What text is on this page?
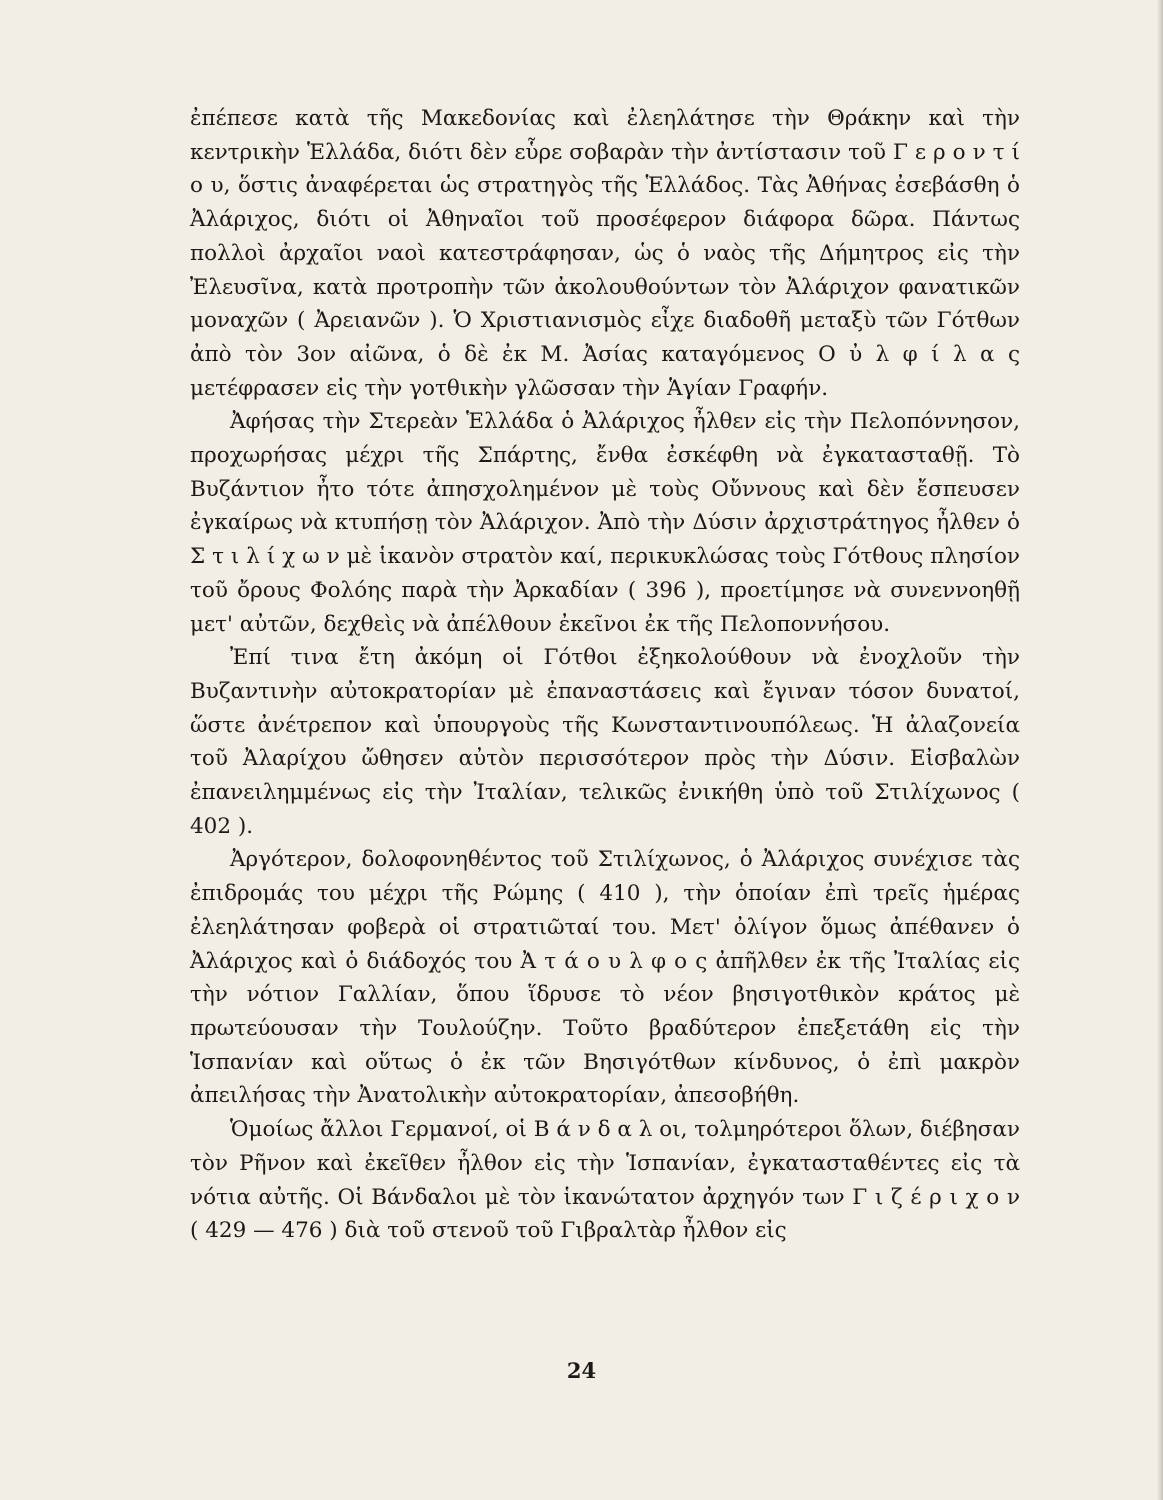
ἐπέπεσε κατὰ τῆς Μακεδονίας καὶ ἐλεηλάτησε τὴν Θράκην καὶ τὴν κεντρικὴν Ἑλλάδα, διότι δὲν εὗρε σοβαρὰν τὴν ἀντίστασιν τοῦ Γ ε ρ ο ν τ ί ο υ, ὅστις ἀναφέρεται ὡς στρατηγὸς τῆς Ἑλλάδος. Τὰς Ἀθήνας ἐσεβάσθη ὁ Ἀλάριχος, διότι οἱ Ἀθηναῖοι τοῦ προσέφερον διάφορα δῶρα. Πάντως πολλοὶ ἀρχαῖοι ναοὶ κατεστράφησαν, ὡς ὁ ναὸς τῆς Δήμητρος εἰς τὴν Ἐλευσῖνα, κατὰ προτροπὴν τῶν ἀκολουθούντων τὸν Ἀλάριχον φανατικῶν μοναχῶν ( Ἀρειανῶν ). Ὁ Χριστιανισμὸς εἶχε διαδοθῆ μεταξὺ τῶν Γότθων ἀπὸ τὸν 3ον αἰῶνα, ὁ δὲ ἐκ Μ. Ἀσίας καταγόμενος Ο ὐ λ φ ί λ α ς μετέφρασεν εἰς τὴν γοτθικὴν γλῶσσαν τὴν Ἁγίαν Γραφήν.

Ἀφήσας τὴν Στερεὰν Ἑλλάδα ὁ Ἀλάριχος ἦλθεν εἰς τὴν Πελοπόννησον, προχωρήσας μέχρι τῆς Σπάρτης, ἔνθα ἐσκέφθη νὰ ἐγκατασταθῇ. Τὸ Βυζάντιον ἦτο τότε ἀπησχολημένον μὲ τοὺς Οὔννους καὶ δὲν ἔσπευσεν ἐγκαίρως νὰ κτυπήσῃ τὸν Ἀλάριχον. Ἀπὸ τὴν Δύσιν ἀρχιστράτηγος ἦλθεν ὁ Σ τ ι λ ί χ ω ν μὲ ἱκανὸν στρατὸν καί, περικυκλώσας τοὺς Γότθους πλησίον τοῦ ὄρους Φολόης παρὰ τὴν Ἀρκαδίαν ( 396 ), προετίμησε νὰ συνεννοηθῇ μετ' αὐτῶν, δεχθεὶς νὰ ἀπέλθουν ἐκεῖνοι ἐκ τῆς Πελοποννήσου.

Ἐπί τινα ἔτη ἀκόμη οἱ Γότθοι ἐξηκολούθουν νὰ ἐνοχλοῦν τὴν Βυζαντινὴν αὐτοκρατορίαν μὲ ἐπαναστάσεις καὶ ἔγιναν τόσον δυνατοί, ὥστε ἀνέτρεπον καὶ ὑπουργοὺς τῆς Κωνσταντινουπόλεως. Ἡ ἀλαζονεία τοῦ Ἀλαρίχου ὤθησεν αὐτὸν περισσότερον πρὸς τὴν Δύσιν. Εἰσβαλὼν ἐπανειλημμένως εἰς τὴν Ἰταλίαν, τελικῶς ἐνικήθη ὑπὸ τοῦ Στιλίχωνος ( 402 ).

Ἀργότερον, δολοφονηθέντος τοῦ Στιλίχωνος, ὁ Ἀλάριχος συνέχισε τὰς ἐπιδρομάς του μέχρι τῆς Ρώμης ( 410 ), τὴν ὁποίαν ἐπὶ τρεῖς ἡμέρας ἐλεηλάτησαν φοβερὰ οἱ στρατιῶταί του. Μετ' ὀλίγον ὅμως ἀπέθανεν ὁ Ἀλάριχος καὶ ὁ διάδοχός του Ἀ τ ά ο υ λ φ ο ς ἀπῆλθεν ἐκ τῆς Ἰταλίας εἰς τὴν νότιον Γαλλίαν, ὅπου ἵδρυσε τὸ νέον βησιγοτθικὸν κράτος μὲ πρωτεύουσαν τὴν Τουλούζην. Τοῦτο βραδύτερον ἐπεξετάθη εἰς τὴν Ἱσπανίαν καὶ οὕτως ὁ ἐκ τῶν Βησιγότθων κίνδυνος, ὁ ἐπὶ μακρὸν ἀπειλήσας τὴν Ἀνατολικὴν αὐτοκρατορίαν, ἀπεσοβήθη.

Ὁμοίως ἄλλοι Γερμανοί, οἱ Β ά ν δ α λ οι, τολμηρότεροι ὅλων, διέβησαν τὸν Ρῆνον καὶ ἐκεῖθεν ἦλθον εἰς τὴν Ἱσπανίαν, ἐγκατασταθέντες εἰς τὰ νότια αὐτῆς. Οἱ Βάνδαλοι μὲ τὸν ἱκανώτατον ἀρχηγόν των Γ ι ζ έ ρ ι χ ο ν ( 429 — 476 ) διὰ τοῦ στενοῦ τοῦ Γιβραλτὰρ ἦλθον εἰς

24
